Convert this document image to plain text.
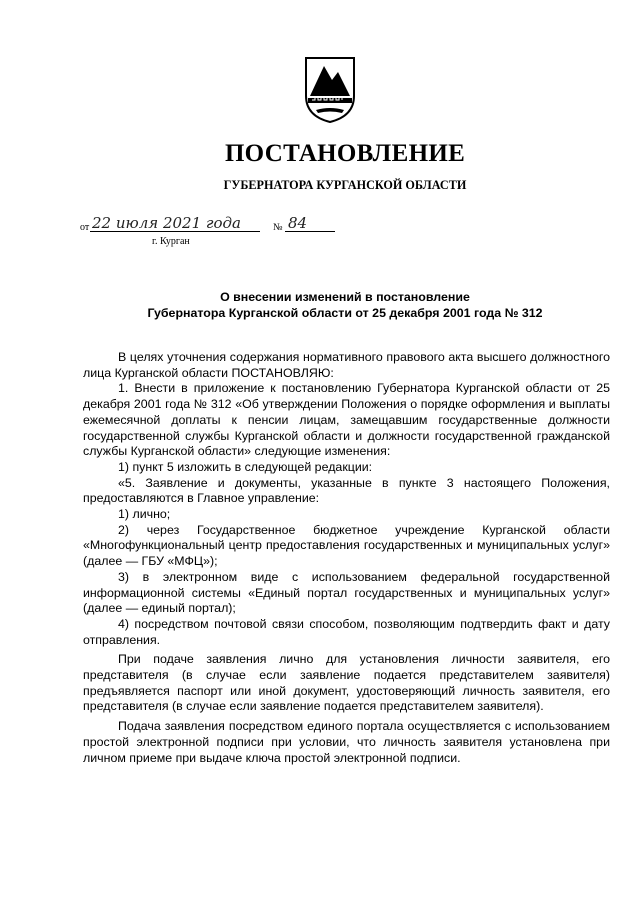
ПОСТАНОВЛЕНИЕ
ГУБЕРНАТОРА КУРГАНСКОЙ ОБЛАСТИ
от 22 июля 2021 года	№ 84
г. Курган
О внесении изменений в постановление
Губернатора Курганской области от 25 декабря 2001 года № 312

В целях уточнения содержания нормативного правового акта высшего должностного лица Курганской области ПОСТАНОВЛЯЮ:

1. Внести в приложение к постановлению Губернатора Курганской области от 25 декабря 2001 года № 312 «Об утверждении Положения о порядке оформления и выплаты ежемесячной доплаты к пенсии лицам, замещавшим государственные должности государственной службы Курганской области и должности государственной гражданской службы Курганской области» следующие изменения:

1) пункт 5 изложить в следующей редакции:

«5. Заявление и документы, указанные в пункте 3 настоящего Положения, предоставляются в Главное управление:

1) лично;

2) через Государственное бюджетное учреждение Курганской области «Многофункциональный центр предоставления государственных и муниципальных услуг» (далее — ГБУ «МФЦ»);

3) в электронном виде с использованием федеральной государственной информационной системы «Единый портал государственных и муниципальных услуг» (далее — единый портал);

4) посредством почтовой связи способом, позволяющим подтвердить факт и дату отправления.

При подаче заявления лично для установления личности заявителя, его представителя (в случае если заявление подается представителем заявителя) предъявляется паспорт или иной документ, удостоверяющий личность заявителя, его представителя (в случае если заявление подается представителем заявителя).

Подача заявления посредством единого портала осуществляется с использованием простой электронной подписи при условии, что личность заявителя установлена при личном приеме при выдаче ключа простой электронной подписи.
